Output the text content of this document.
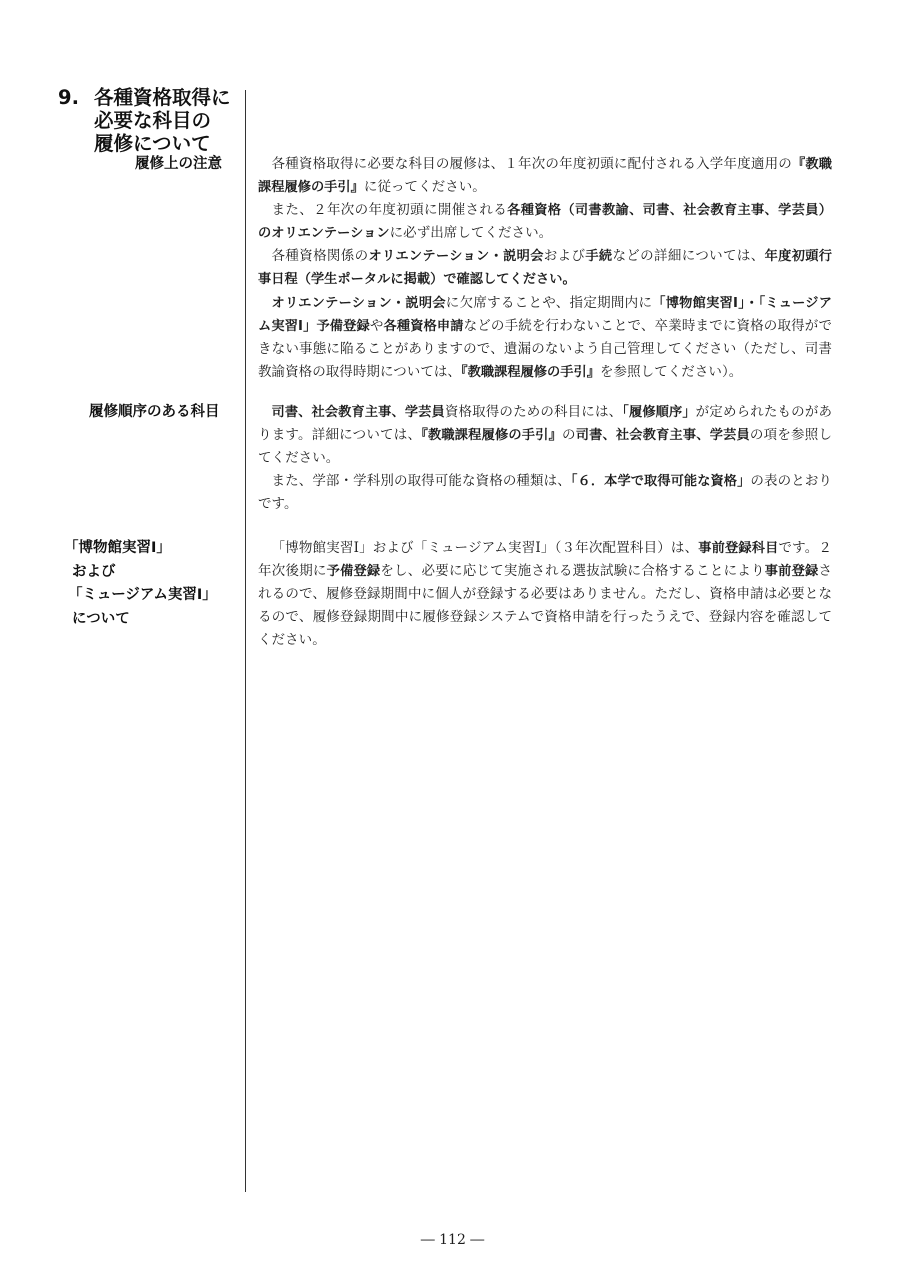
9. 各種資格取得に
必要な科目の
履修について
履修上の注意
履修順序のある科目
「博物館実習Ⅰ」
および
「ミュージアム実習Ⅰ」
について

各種資格取得に必要な科目の履修は、１年次の年度初頭に配付される入学年度適用の『教職課程履修の手引』に従ってください。

また、２年次の年度初頭に開催される各種資格（司書教諭、司書、社会教育主事、学芸員）のオリエンテーションに必ず出席してください。

各種資格関係のオリエンテーション・説明会および手続などの詳細については、年度初頭行事日程（学生ポータルに掲載）で確認してください。

オリエンテーション・説明会に欠席することや、指定期間内に「博物館実習Ⅰ」・「ミュージアム実習Ⅰ」予備登録や各種資格申請などの手続を行わないことで、卒業時までに資格の取得ができない事態に陥ることがありますので、遺漏のないよう自己管理してください（ただし、司書教諭資格の取得時期については、『教職課程履修の手引』を参照してください）。

司書、社会教育主事、学芸員資格取得のための科目には、「履修順序」が定められたものがあります。詳細については、『教職課程履修の手引』の司書、社会教育主事、学芸員の項を参照してください。

また、学部・学科別の取得可能な資格の種類は、「６．本学で取得可能な資格」の表のとおりです。

「博物館実習Ⅰ」および「ミュージアム実習Ⅰ」（３年次配置科目）は、事前登録科目です。２年次後期に予備登録をし、必要に応じて実施される選抜試験に合格することにより事前登録されるので、履修登録期間中に個人が登録する必要はありません。ただし、資格申請は必要となるので、履修登録期間中に履修登録システムで資格申請を行ったうえで、登録内容を確認してください。

― 112 ―
